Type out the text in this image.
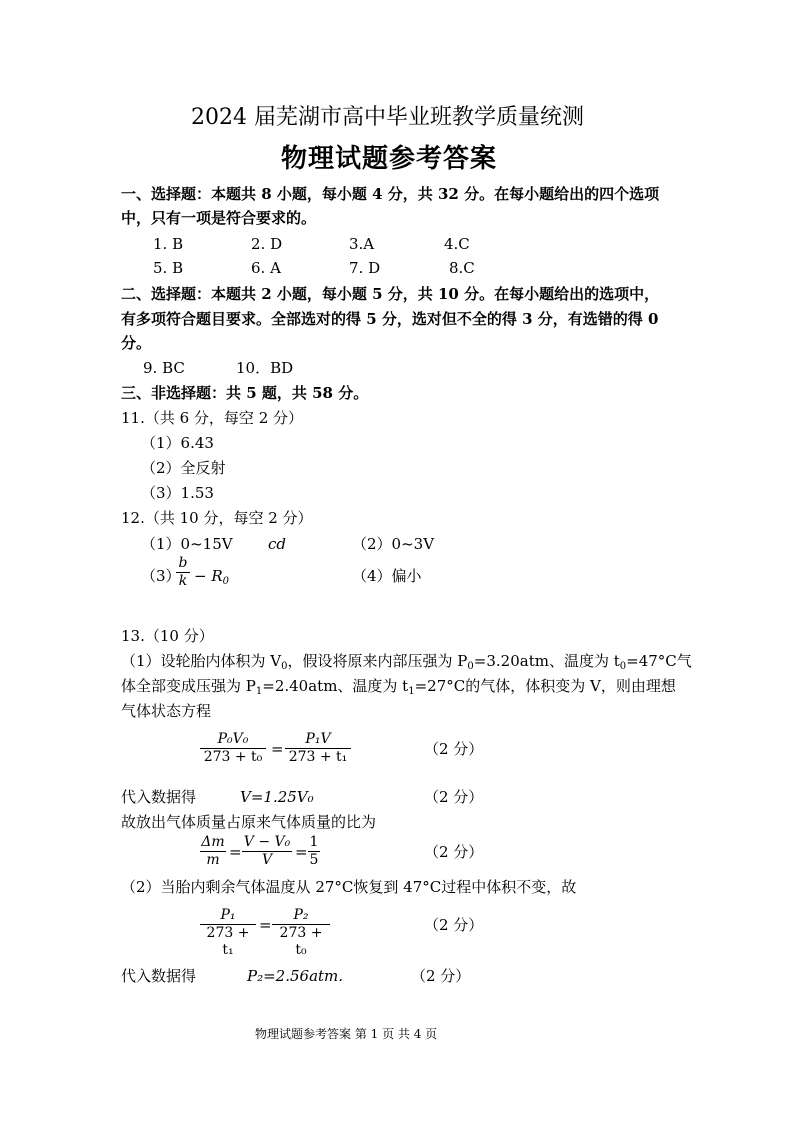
2024 届芜湖市高中毕业班教学质量统测
物理试题参考答案
一、选择题：本题共 8 小题，每小题 4 分，共 32 分。在每小题给出的四个选项
中，只有一项是符合要求的。
1. B	2. D	3.A	4.C
5. B	6. A	7. D	8.C
二、选择题：本题共 2 小题，每小题 5 分，共 10 分。在每小题给出的选项中，
有多项符合题目要求。全部选对的得 5 分，选对但不全的得 3 分，有选错的得 0
分。
9. BC	10．BD
三、非选择题：共 5 题，共 58 分。
11.（共 6 分，每空 2 分）
（1）6.43
（2）全反射
（3）1.53
12.（共 10 分，每空 2 分）
（1）0~15V cd	（2）0~3V
（3）
b
$k - R_0$	（4）偏小
13.（10 分）
（1）设轮胎内体积为 $V_0$，假设将原来内部压强为 $P_0=3.20atm$、温度为 $t_0=47^\circ C$气
体全部变成压强为 $P_1=2.40atm$、温度为 $t_1=27^\circ C$的气体，体积变为 V，则由理想
气体状态方程
P₀V₀
273 + t₀ =
P₁V
273 + t₁	（2 分）
代入数据得	V=1.25V₀	（2 分）
故放出气体质量占原来气体质量的比为
Δm
m =
V − V₀
V	=
1
5	（2 分）
（2）当胎内剩余气体温度从 27°C恢复到 47°C过程中体积不变，故
P₁
273 + t₁
=
P₂
273 + t₀
（2 分）
代入数据得	P₂=2.56atm.	（2 分）
物理试题参考答案 第 1 页 共 4 页
